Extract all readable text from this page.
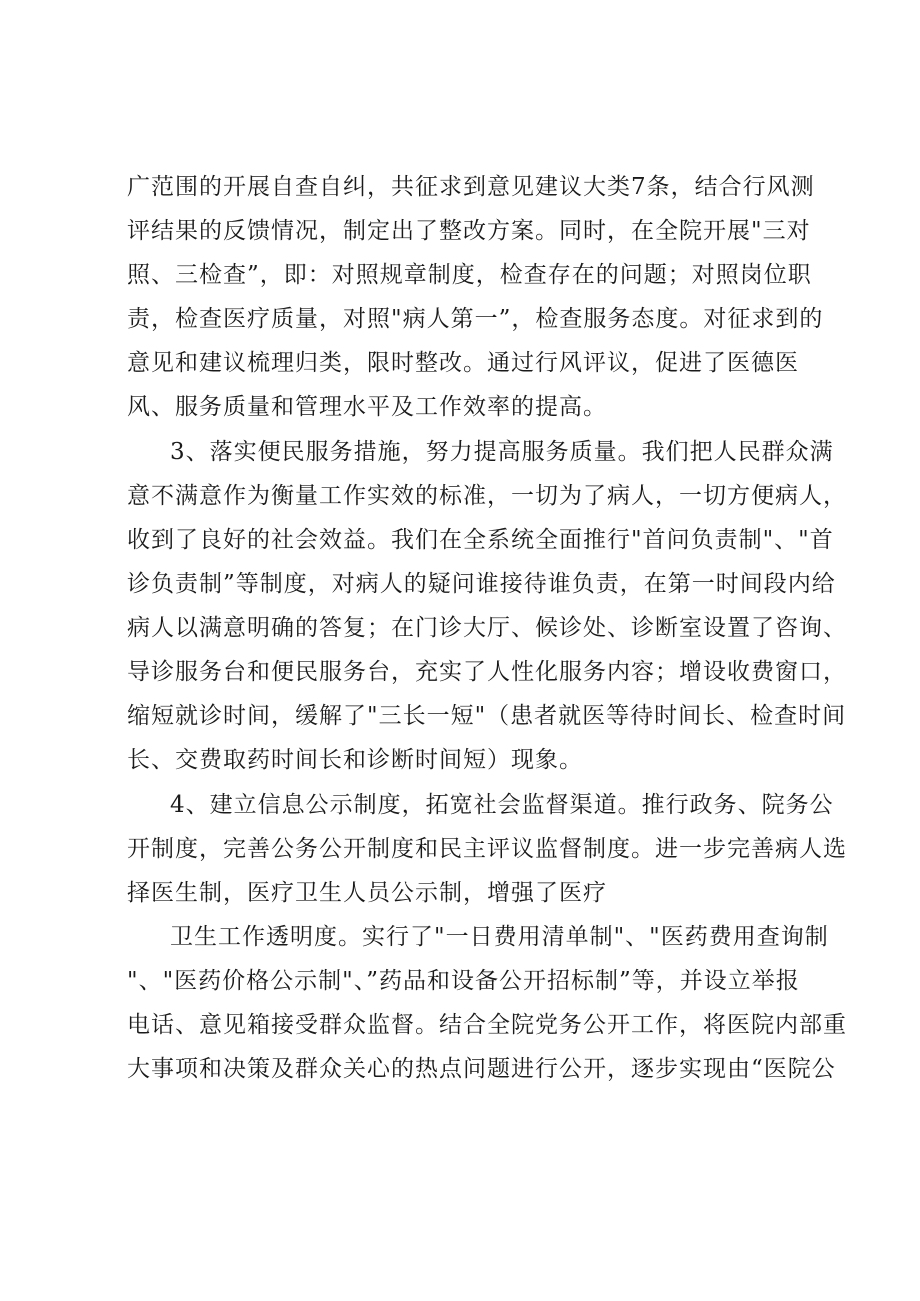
广范围的开展自查自纠，共征求到意见建议大类7条，结合行风测
评结果的反馈情况，制定出了整改方案。同时，在全院开展"三对
照、三检查”，即：对照规章制度，检查存在的问题；对照岗位职
责，检查医疗质量，对照"病人第一”，检查服务态度。对征求到的
意见和建议梳理归类，限时整改。通过行风评议，促进了医德医
风、服务质量和管理水平及工作效率的提高。
3、落实便民服务措施，努力提高服务质量。我们把人民群众满
意不满意作为衡量工作实效的标准，一切为了病人，一切方便病人，
收到了良好的社会效益。我们在全系统全面推行"首问负责制"、"首
诊负责制”等制度，对病人的疑问谁接待谁负责，在第一时间段内给
病人以满意明确的答复；在门诊大厅、候诊处、诊断室设置了咨询、
导诊服务台和便民服务台，充实了人性化服务内容；增设收费窗口，
缩短就诊时间，缓解了"三长一短"（患者就医等待时间长、检查时间
长、交费取药时间长和诊断时间短）现象。
4、建立信息公示制度，拓宽社会监督渠道。推行政务、院务公
开制度，完善公务公开制度和民主评议监督制度。进一步完善病人选
择医生制，医疗卫生人员公示制，增强了医疗
卫生工作透明度。实行了"一日费用清单制"、"医药费用查询制
"、"医药价格公示制"、”药品和设备公开招标制”等，并设立举报
电话、意见箱接受群众监督。结合全院党务公开工作，将医院内部重
大事项和决策及群众关心的热点问题进行公开，逐步实现由“医院公
